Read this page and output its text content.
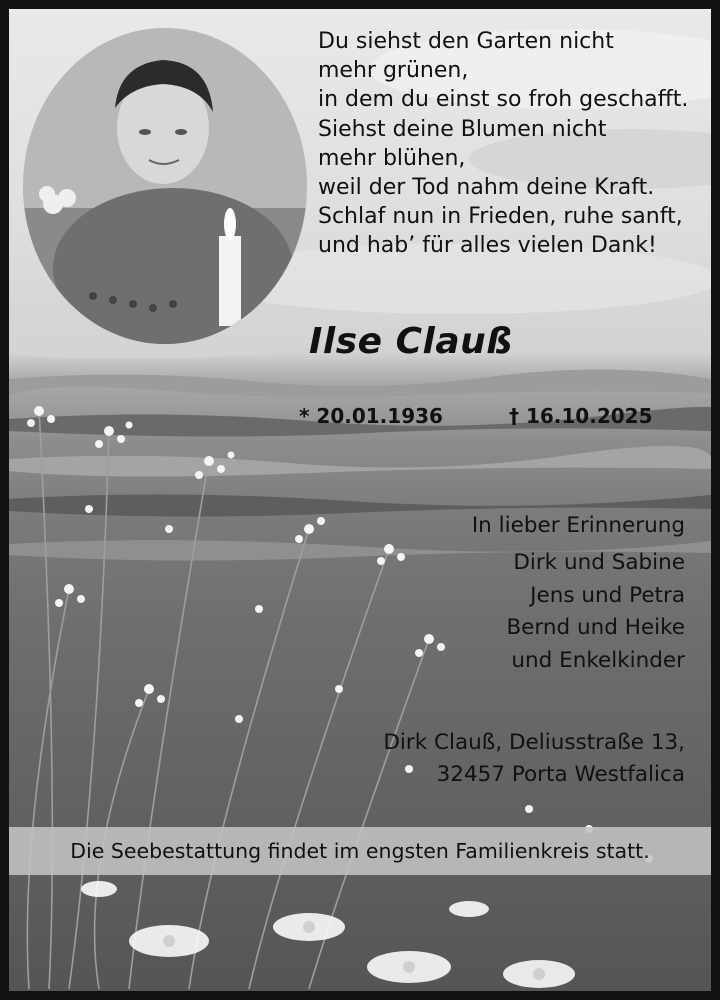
Du siehst den Garten nicht
mehr grünen,
in dem du einst so froh geschafft.
Siehst deine Blumen nicht
mehr blühen,
weil der Tod nahm deine Kraft.
Schlaf nun in Frieden, ruhe sanft,
und hab’ für alles vielen Dank!
Ilse Clauß
* 20.01.1936	† 16.10.2025
In lieber Erinnerung
Dirk und Sabine
Jens und Petra
Bernd und Heike
und Enkelkinder
Dirk Clauß, Deliusstraße 13,
32457 Porta Westfalica
Die Seebestattung findet im engsten Familienkreis statt.
